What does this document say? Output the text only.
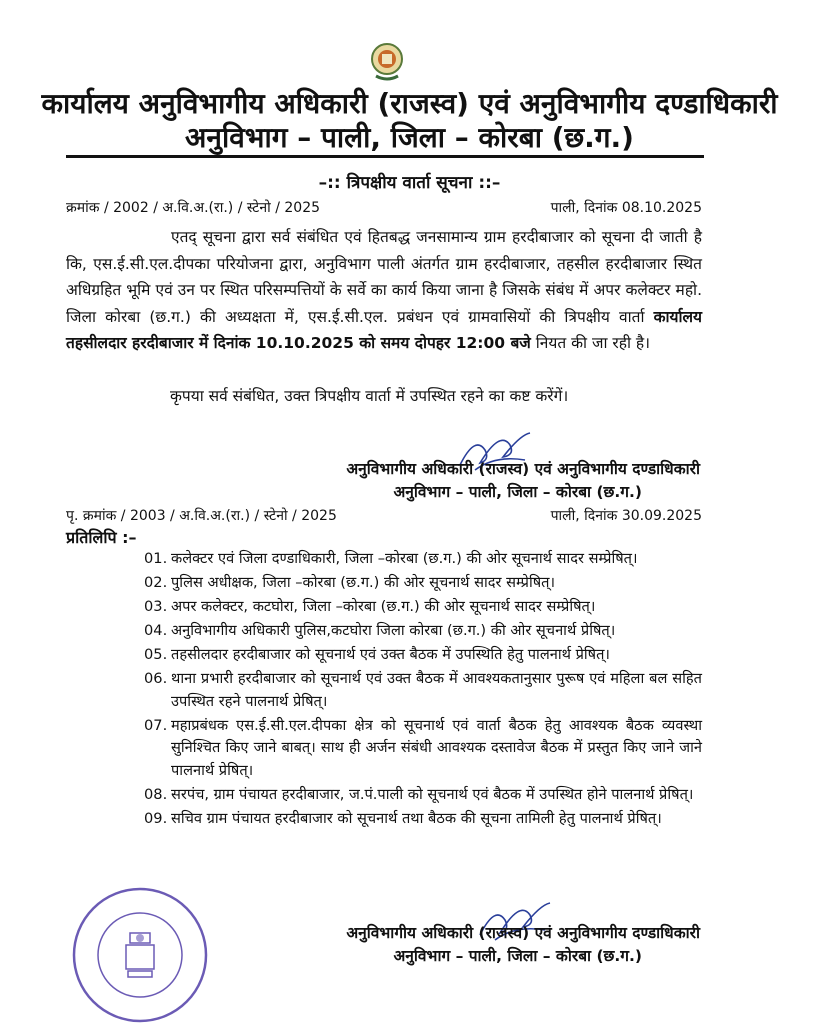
कार्यालय अनुविभागीय अधिकारी (राजस्व) एवं अनुविभागीय दण्डाधिकारी
अनुविभाग – पाली, जिला – कोरबा (छ.ग.)
–:: त्रिपक्षीय वार्ता सूचना ::–
क्रमांक / 2002 / अ.वि.अ.(रा.) / स्टेनो / 2025	पाली, दिनांक 08.10.2025
एतद् सूचना द्वारा सर्व संबंधित एवं हितबद्ध जनसामान्य ग्राम हरदीबाजार को सूचना दी जाती है कि, एस.ई.सी.एल.दीपका परियोजना द्वारा, अनुविभाग पाली अंतर्गत ग्राम हरदीबाजार, तहसील हरदीबाजार स्थित अधिग्रहित भूमि एवं उन पर स्थित परिसम्पत्तियों के सर्वे का कार्य किया जाना है जिसके संबंध में अपर कलेक्टर महो. जिला कोरबा (छ.ग.) की अध्यक्षता में, एस.ई.सी.एल. प्रबंधन एवं ग्रामवासियों की त्रिपक्षीय वार्ता कार्यालय तहसीलदार हरदीबाजार में दिनांक 10.10.2025 को समय दोपहर 12:00 बजे नियत की जा रही है।
कृपया सर्व संबंधित, उक्त त्रिपक्षीय वार्ता में उपस्थित रहने का कष्ट करेंगें।
अनुविभागीय अधिकारी (राजस्व) एवं अनुविभागीय दण्डाधिकारी
अनुविभाग – पाली, जिला – कोरबा (छ.ग.)
पृ. क्रमांक / 2003 / अ.वि.अ.(रा.) / स्टेनो / 2025	पाली, दिनांक 30.09.2025
प्रतिलिपि :–
01. कलेक्टर एवं जिला दण्डाधिकारी, जिला –कोरबा (छ.ग.) की ओर सूचनार्थ सादर सम्प्रेषित्।
02. पुलिस अधीक्षक, जिला –कोरबा (छ.ग.) की ओर सूचनार्थ सादर सम्प्रेषित्।
03. अपर कलेक्टर, कटघोरा, जिला –कोरबा (छ.ग.) की ओर सूचनार्थ सादर सम्प्रेषित्।
04. अनुविभागीय अधिकारी पुलिस,कटघोरा जिला कोरबा (छ.ग.) की ओर सूचनार्थ प्रेषित्।
05. तहसीलदार हरदीबाजार को सूचनार्थ एवं उक्त बैठक में उपस्थिति हेतु पालनार्थ प्रेषित्।
06. थाना प्रभारी हरदीबाजार को सूचनार्थ एवं उक्त बैठक में आवश्यकतानुसार पुरूष एवं महिला बल सहित उपस्थित रहने पालनार्थ प्रेषित्।
07. महाप्रबंधक एस.ई.सी.एल.दीपका क्षेत्र को सूचनार्थ एवं वार्ता बैठक हेतु आवश्यक बैठक व्यवस्था सुनिश्चित किए जाने बाबत्। साथ ही अर्जन संबंधी आवश्यक दस्तावेज बैठक में प्रस्तुत किए जाने जाने पालनार्थ प्रेषित्।
08. सरपंच, ग्राम पंचायत हरदीबाजार, ज.पं.पाली को सूचनार्थ एवं बैठक में उपस्थित होने पालनार्थ प्रेषित्।
09. सचिव ग्राम पंचायत हरदीबाजार को सूचनार्थ तथा बैठक की सूचना तामिली हेतु पालनार्थ प्रेषित्।
अनुविभागीय अधिकारी (राजस्व) एवं अनुविभागीय दण्डाधिकारी
अनुविभाग – पाली, जिला – कोरबा (छ.ग.)
